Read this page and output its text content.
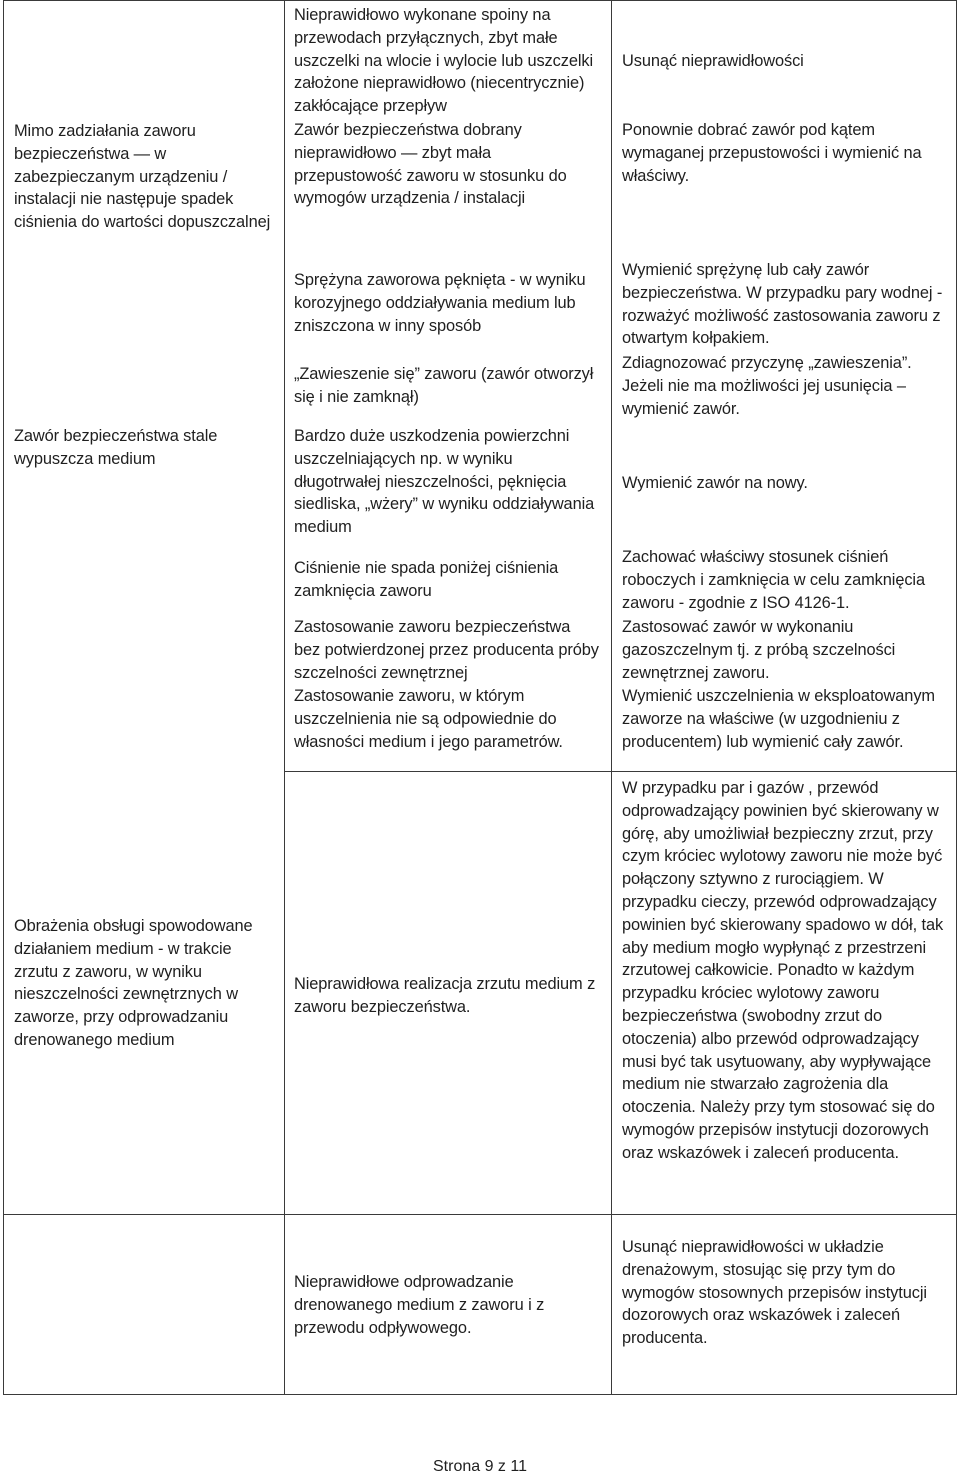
Mimo zadziałania zaworu bezpieczeństwa — w zabezpieczanym urządzeniu / instalacji nie następuje spadek ciśnienia do wartości dopuszczalnej
Zawór bezpieczeństwa stale wypuszcza medium
Obrażenia obsługi spowodowane działaniem medium - w trakcie zrzutu z zaworu, w wyniku nieszczelności zewnętrznych w zaworze, przy odprowadzaniu drenowanego medium
Nieprawidłowo wykonane spoiny na przewodach przyłącznych, zbyt małe uszczelki na wlocie i wylocie lub uszczelki założone nieprawidłowo (niecentrycznie) zakłócające przepływ
Zawór bezpieczeństwa dobrany nieprawidłowo — zbyt mała przepustowość zaworu w stosunku do wymogów urządzenia / instalacji
Sprężyna zaworowa pęknięta - w wyniku korozyjnego oddziaływania medium lub zniszczona w inny sposób
„Zawieszenie się” zaworu (zawór otworzył się i nie zamknął)
Bardzo duże uszkodzenia powierzchni uszczelniających np. w wyniku długotrwałej nieszczelności, pęknięcia siedliska, „wżery” w wyniku oddziaływania medium
Ciśnienie nie spada poniżej ciśnienia zamknięcia zaworu
Zastosowanie zaworu bezpieczeństwa bez potwierdzonej przez producenta próby szczelności zewnętrznej
Zastosowanie zaworu, w którym uszczelnienia nie są odpowiednie do własności medium i jego parametrów.
Nieprawidłowa realizacja zrzutu medium z zaworu bezpieczeństwa.
Nieprawidłowe odprowadzanie drenowanego medium z zaworu i z przewodu odpływowego.
Usunąć nieprawidłowości
Ponownie dobrać zawór pod kątem wymaganej przepustowości i wymienić na właściwy.
Wymienić sprężynę lub cały zawór bezpieczeństwa. W przypadku pary wodnej - rozważyć możliwość zastosowania zaworu z otwartym kołpakiem.
Zdiagnozować przyczynę „zawieszenia”. Jeżeli nie ma możliwości jej usunięcia – wymienić zawór.
Wymienić zawór na nowy.
Zachować właściwy stosunek ciśnień roboczych i zamknięcia w celu zamknięcia zaworu - zgodnie z ISO 4126-1.
Zastosować zawór w wykonaniu gazoszczelnym tj. z próbą szczelności zewnętrznej zaworu.
Wymienić uszczelnienia w eksploatowanym zaworze na właściwe (w uzgodnieniu z producentem) lub wymienić cały zawór.
W przypadku par i gazów , przewód odprowadzający powinien być skierowany w górę, aby umożliwiał bezpieczny zrzut, przy czym króciec wylotowy zaworu nie może być połączony sztywno z rurociągiem. W przypadku cieczy, przewód odprowadzający powinien być skierowany spadowo w dół, tak aby medium mogło wypłynąć z przestrzeni zrzutowej całkowicie. Ponadto w każdym przypadku króciec wylotowy zaworu bezpieczeństwa (swobodny zrzut do otoczenia) albo przewód odprowadzający musi być tak usytuowany, aby wypływające medium nie stwarzało zagrożenia dla otoczenia. Należy przy tym stosować się do wymogów przepisów instytucji dozorowych oraz wskazówek i zaleceń producenta.
Usunąć nieprawidłowości w układzie drenażowym, stosując się przy tym do wymogów stosownych przepisów instytucji dozorowych oraz wskazówek i zaleceń producenta.
Strona 9 z 11
